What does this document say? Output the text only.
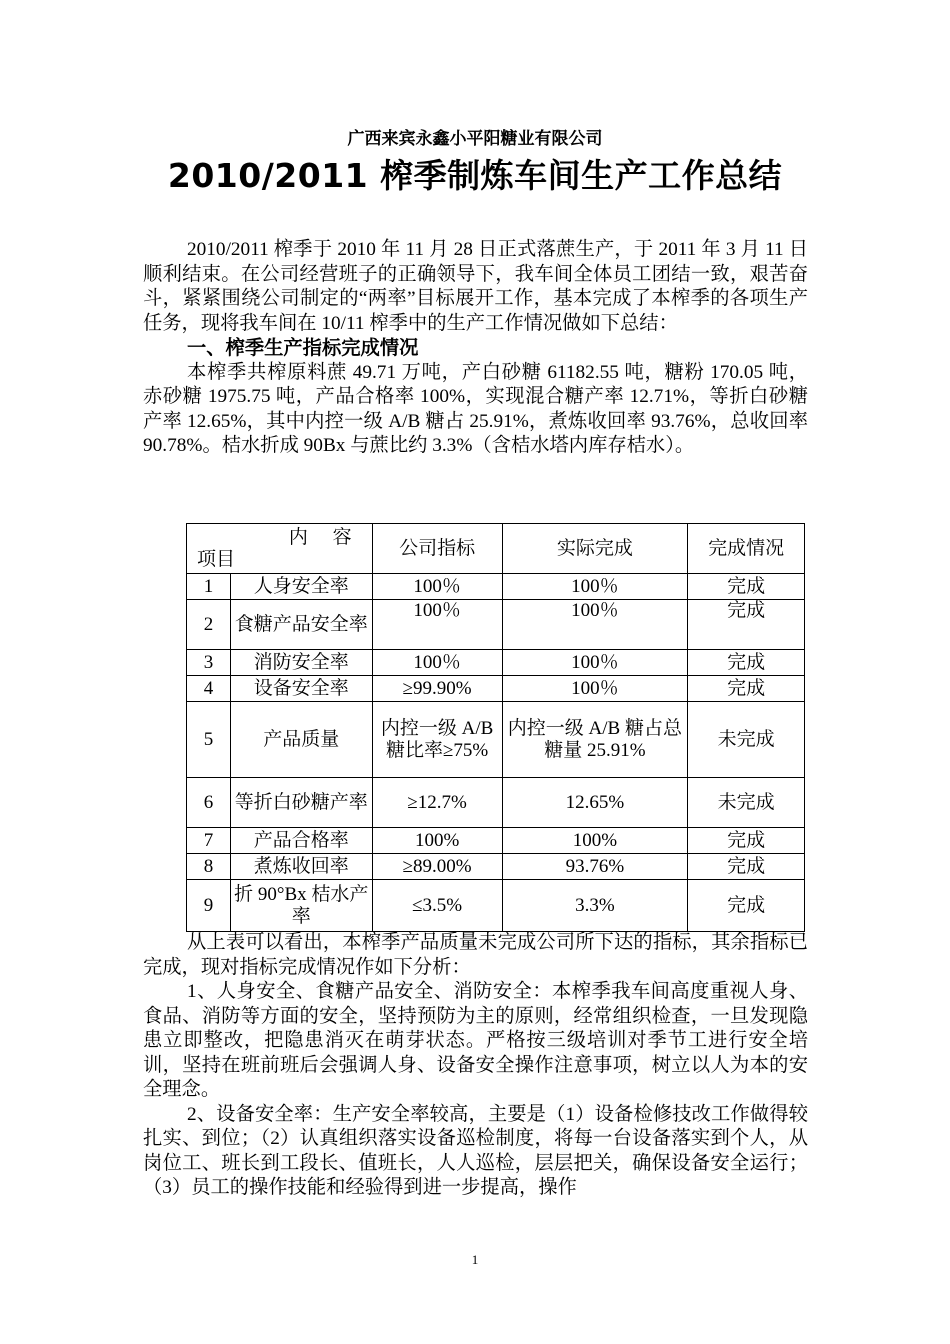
广西来宾永鑫小平阳糖业有限公司
2010/2011 榨季制炼车间生产工作总结

2010/2011 榨季于 2010 年 11 月 28 日正式落蔗生产，于 2011 年 3 月 11 日顺利结束。在公司经营班子的正确领导下，我车间全体员工团结一致，艰苦奋斗，紧紧围绕公司制定的“两率”目标展开工作，基本完成了本榨季的各项生产任务，现将我车间在 10/11 榨季中的生产工作情况做如下总结：

一、榨季生产指标完成情况

本榨季共榨原料蔗 49.71 万吨，产白砂糖 61182.55 吨，糖粉 170.05 吨，赤砂糖 1975.75 吨，产品合格率 100%，实现混合糖产率 12.71%，等折白砂糖产率 12.65%，其中内控一级 A/B 糖占 25.91%，煮炼收回率 93.76%，总收回率 90.78%。桔水折成 90Bx 与蔗比约 3.3%（含桔水塔内库存桔水）。

内 容
项目		公司指标	实际完成	完成情况
1	人身安全率	100％	100％	完成
2	食糖产品安全率	100％	100％	完成
3	消防安全率	100％	100％	完成
4	设备安全率	≥99.90%	100％	完成
5	产品质量	内控一级 A/B 糖比率≥75%	内控一级 A/B 糖占总糖量 25.91%	未完成
6	等折白砂糖产率	≥12.7%	12.65%	未完成
7	产品合格率	100%	100%	完成
8	煮炼收回率	≥89.00%	93.76%	完成
9	折 90°Bx 桔水产率	≤3.5%	3.3%	完成

从上表可以看出，本榨季产品质量未完成公司所下达的指标，其余指标已完成，现对指标完成情况作如下分析：

1、人身安全、食糖产品安全、消防安全：本榨季我车间高度重视人身、食品、消防等方面的安全，坚持预防为主的原则，经常组织检查，一旦发现隐患立即整改，把隐患消灭在萌芽状态。严格按三级培训对季节工进行安全培训，坚持在班前班后会强调人身、设备安全操作注意事项，树立以人为本的安全理念。

2、设备安全率：生产安全率较高，主要是（1）设备检修技改工作做得较扎实、到位；（2）认真组织落实设备巡检制度，将每一台设备落实到个人，从岗位工、班长到工段长、值班长，人人巡检，层层把关，确保设备安全运行；（3）员工的操作技能和经验得到进一步提高，操作

1
